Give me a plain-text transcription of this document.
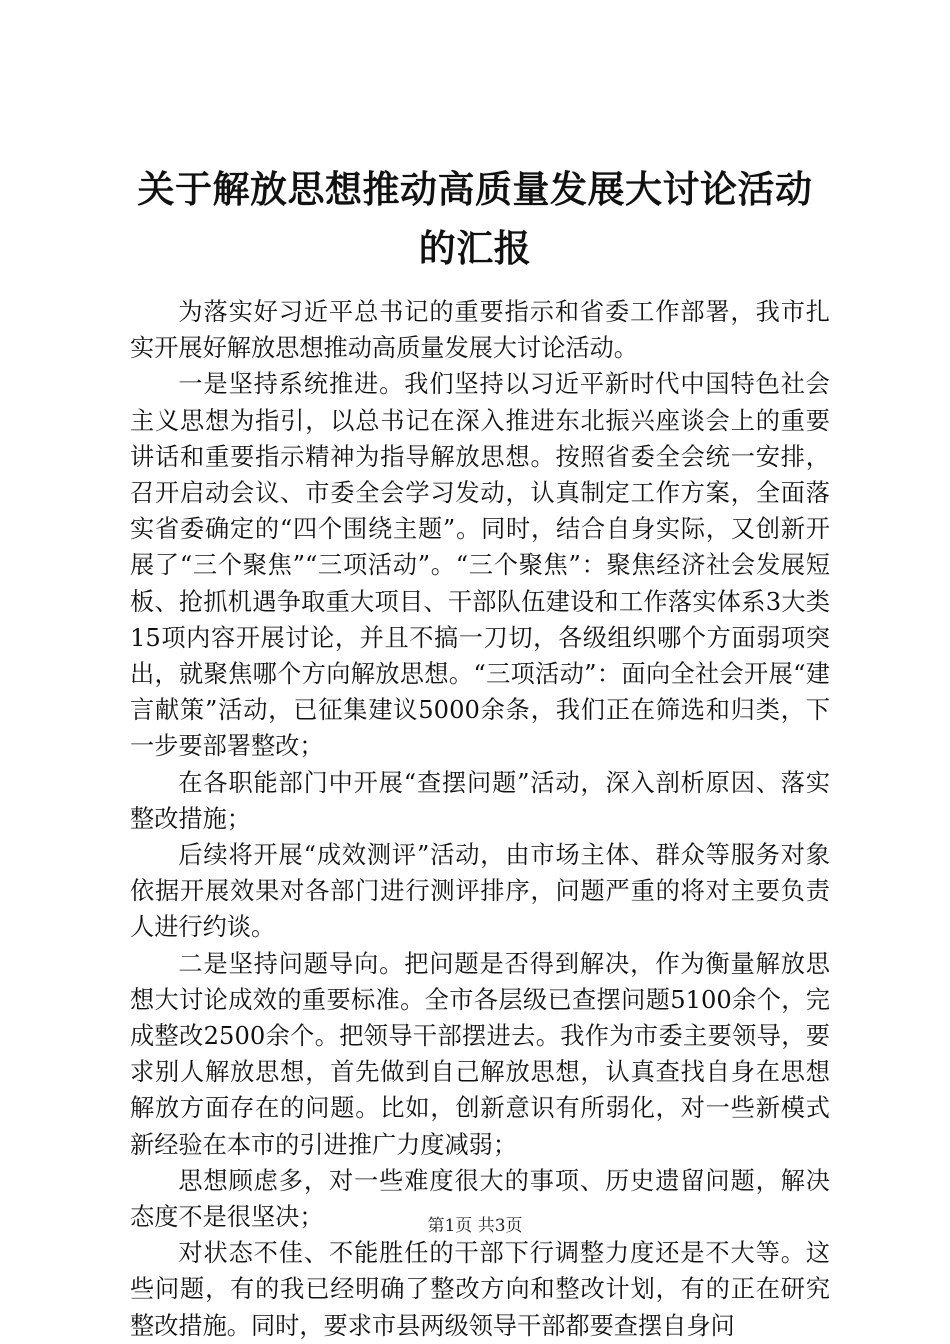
关于解放思想推动高质量发展大讨论活动的汇报

为落实好习近平总书记的重要指示和省委工作部署，我市扎实开展好解放思想推动高质量发展大讨论活动。

一是坚持系统推进。我们坚持以习近平新时代中国特色社会主义思想为指引，以总书记在深入推进东北振兴座谈会上的重要讲话和重要指示精神为指导解放思想。按照省委全会统一安排，召开启动会议、市委全会学习发动，认真制定工作方案，全面落实省委确定的“四个围绕主题”。同时，结合自身实际，又创新开展了“三个聚焦”“三项活动”。“三个聚焦”：聚焦经济社会发展短板、抢抓机遇争取重大项目、干部队伍建设和工作落实体系3大类15项内容开展讨论，并且不搞一刀切，各级组织哪个方面弱项突出，就聚焦哪个方向解放思想。“三项活动”：面向全社会开展“建言献策”活动，已征集建议5000余条，我们正在筛选和归类，下一步要部署整改；

在各职能部门中开展“查摆问题”活动，深入剖析原因、落实整改措施；

后续将开展“成效测评”活动，由市场主体、群众等服务对象依据开展效果对各部门进行测评排序，问题严重的将对主要负责人进行约谈。

二是坚持问题导向。把问题是否得到解决，作为衡量解放思想大讨论成效的重要标准。全市各层级已查摆问题5100余个，完成整改2500余个。把领导干部摆进去。我作为市委主要领导，要求别人解放思想，首先做到自己解放思想，认真查找自身在思想解放方面存在的问题。比如，创新意识有所弱化，对一些新模式新经验在本市的引进推广力度减弱；

思想顾虑多，对一些难度很大的事项、历史遗留问题，解决态度不是很坚决；

对状态不佳、不能胜任的干部下行调整力度还是不大等。这些问题，有的我已经明确了整改方向和整改计划，有的正在研究整改措施。同时，要求市县两级领导干部都要查摆自身问

第1页 共3页
